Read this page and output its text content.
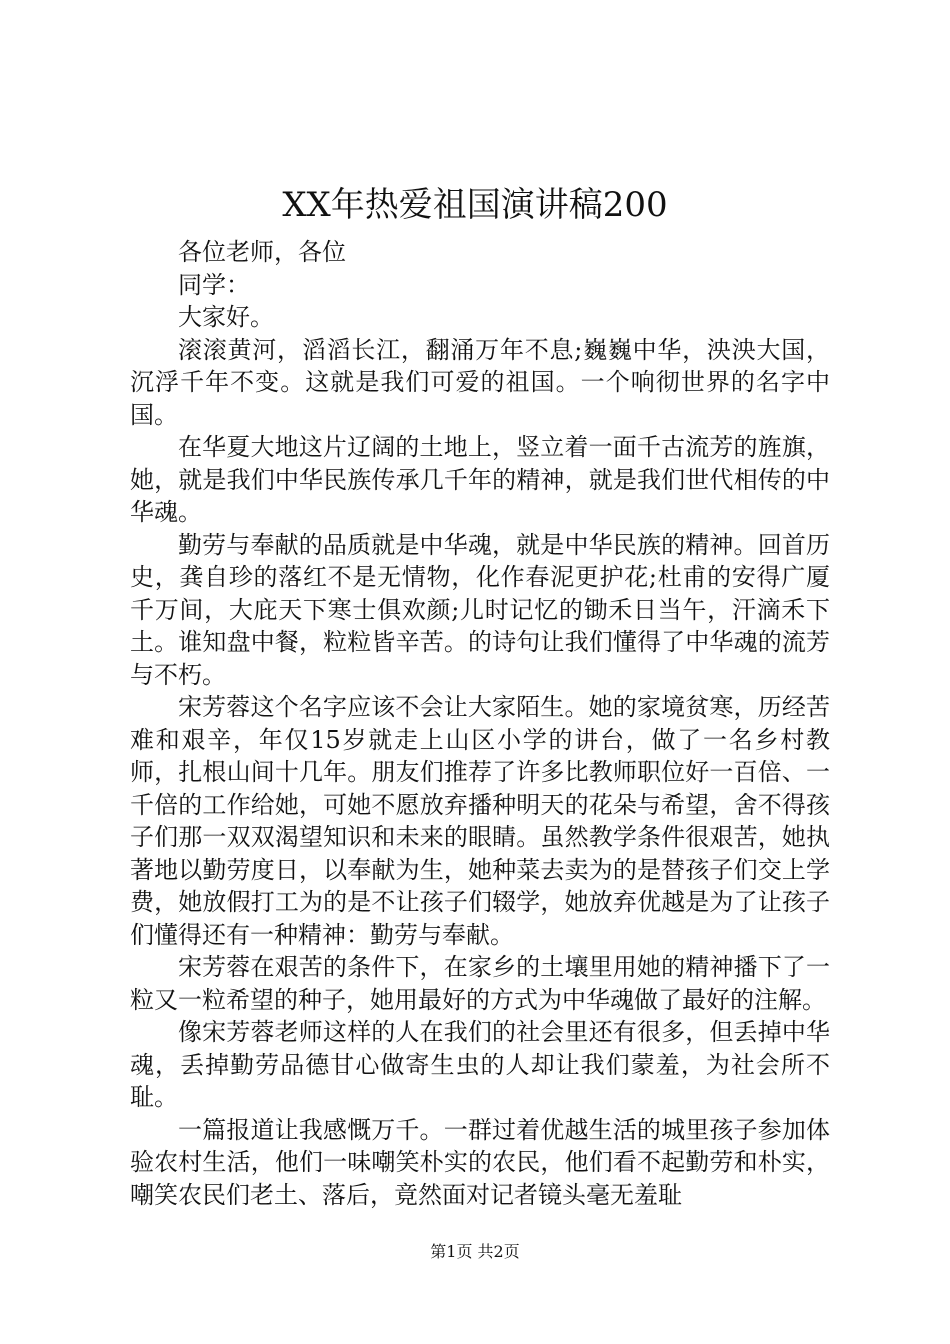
XX年热爱祖国演讲稿200

各位老师，各位

同学：

大家好。

滚滚黄河，滔滔长江，翻涌万年不息;巍巍中华，泱泱大国，沉浮千年不变。这就是我们可爱的祖国。一个响彻世界的名字中国。

在华夏大地这片辽阔的土地上，竖立着一面千古流芳的旌旗，她，就是我们中华民族传承几千年的精神，就是我们世代相传的中华魂。

勤劳与奉献的品质就是中华魂，就是中华民族的精神。回首历史，龚自珍的落红不是无情物，化作春泥更护花;杜甫的安得广厦千万间，大庇天下寒士俱欢颜;儿时记忆的锄禾日当午，汗滴禾下土。谁知盘中餐，粒粒皆辛苦。的诗句让我们懂得了中华魂的流芳与不朽。

宋芳蓉这个名字应该不会让大家陌生。她的家境贫寒，历经苦难和艰辛，年仅15岁就走上山区小学的讲台，做了一名乡村教师，扎根山间十几年。朋友们推荐了许多比教师职位好一百倍、一千倍的工作给她，可她不愿放弃播种明天的花朵与希望，舍不得孩子们那一双双渴望知识和未来的眼睛。虽然教学条件很艰苦，她执著地以勤劳度日，以奉献为生，她种菜去卖为的是替孩子们交上学费，她放假打工为的是不让孩子们辍学，她放弃优越是为了让孩子们懂得还有一种精神：勤劳与奉献。

宋芳蓉在艰苦的条件下，在家乡的土壤里用她的精神播下了一粒又一粒希望的种子，她用最好的方式为中华魂做了最好的注解。

像宋芳蓉老师这样的人在我们的社会里还有很多，但丢掉中华魂，丢掉勤劳品德甘心做寄生虫的人却让我们蒙羞，为社会所不耻。

一篇报道让我感慨万千。一群过着优越生活的城里孩子参加体验农村生活，他们一味嘲笑朴实的农民，他们看不起勤劳和朴实，嘲笑农民们老土、落后，竟然面对记者镜头毫无羞耻

第1页 共2页
